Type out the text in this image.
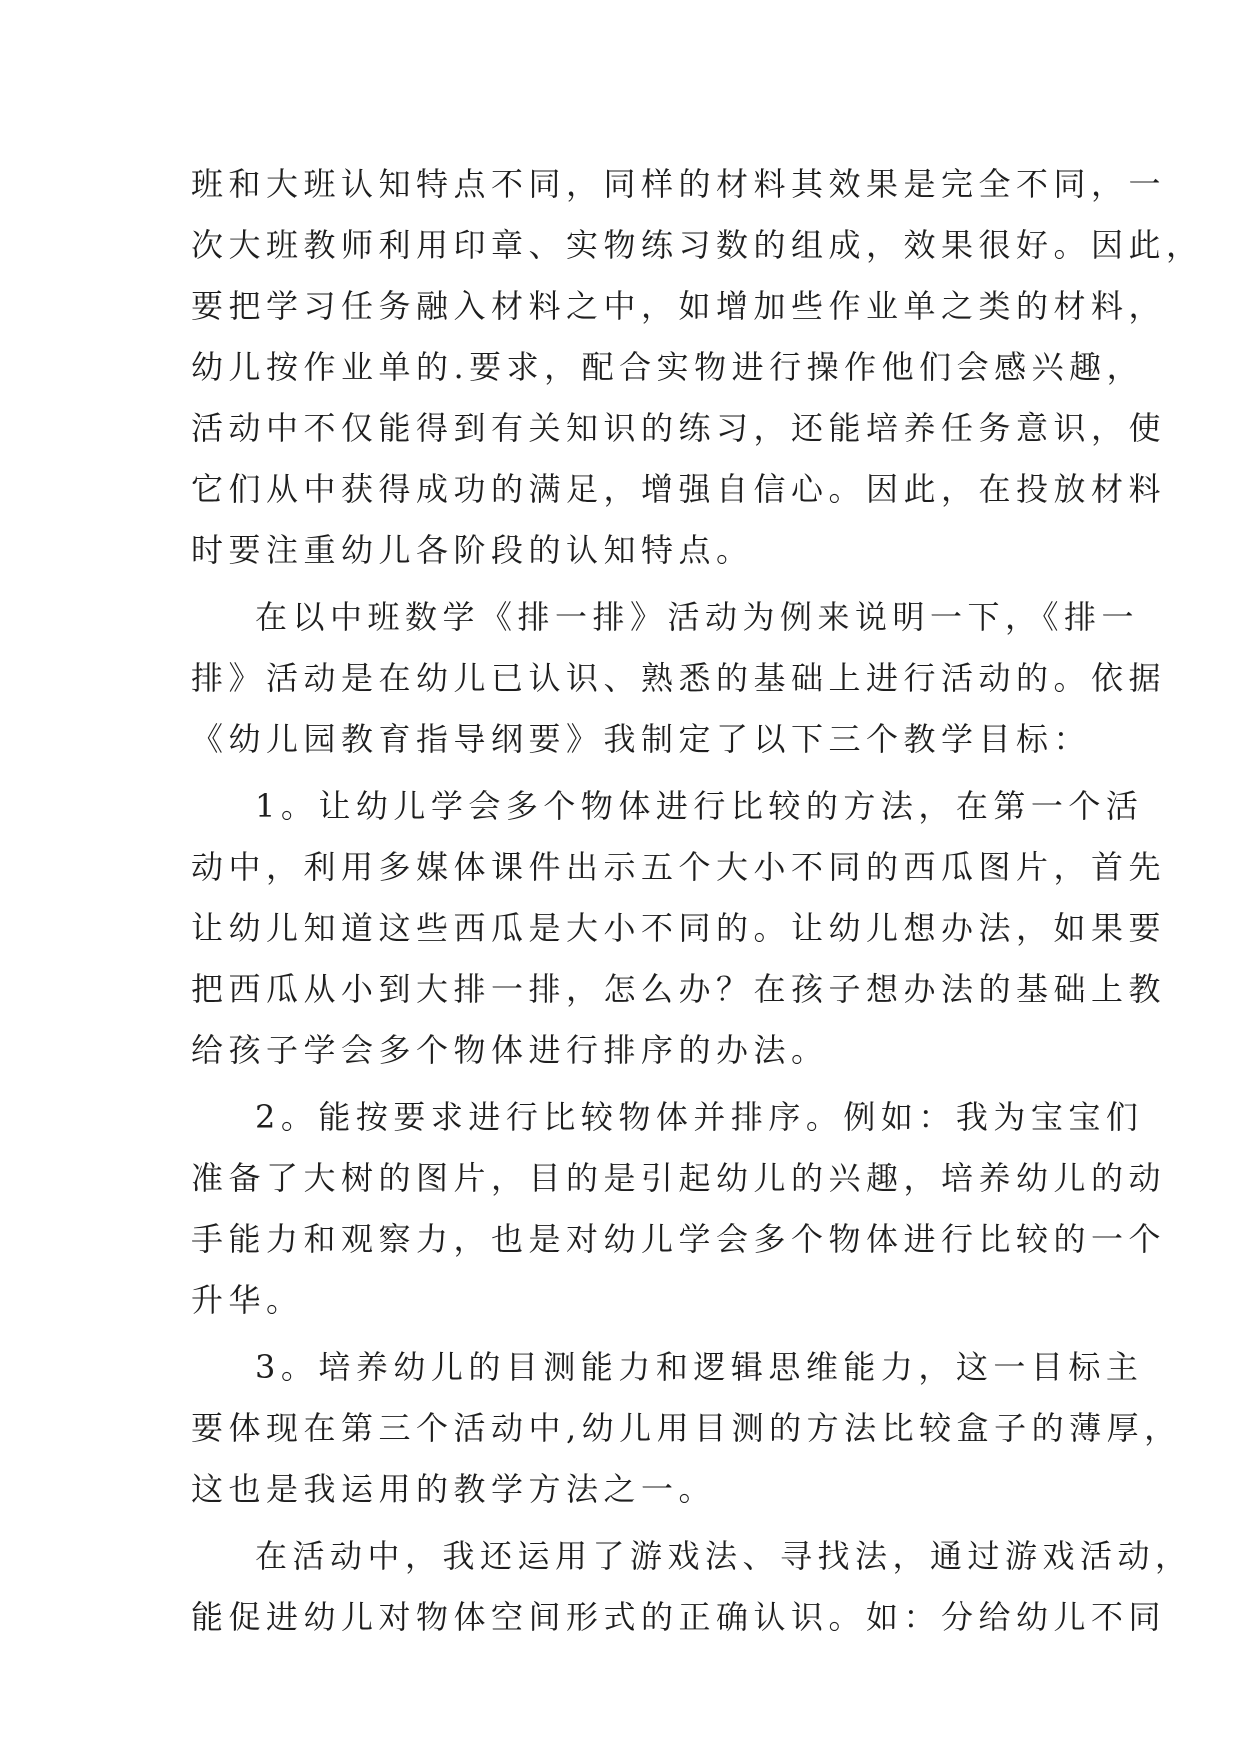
班和大班认知特点不同，同样的材料其效果是完全不同，一
次大班教师利用印章、实物练习数的组成，效果很好。因此，
要把学习任务融入材料之中，如增加些作业单之类的材料，
幼儿按作业单的.要求，配合实物进行操作他们会感兴趣，
活动中不仅能得到有关知识的练习，还能培养任务意识，使
它们从中获得成功的满足，增强自信心。因此，在投放材料
时要注重幼儿各阶段的认知特点。
在以中班数学《排一排》活动为例来说明一下，《排一
排》活动是在幼儿已认识、熟悉的基础上进行活动的。依据
《幼儿园教育指导纲要》我制定了以下三个教学目标：
1。让幼儿学会多个物体进行比较的方法，在第一个活
动中，利用多媒体课件出示五个大小不同的西瓜图片，首先
让幼儿知道这些西瓜是大小不同的。让幼儿想办法，如果要
把西瓜从小到大排一排，怎么办？在孩子想办法的基础上教
给孩子学会多个物体进行排序的办法。
2。能按要求进行比较物体并排序。例如：我为宝宝们
准备了大树的图片，目的是引起幼儿的兴趣，培养幼儿的动
手能力和观察力，也是对幼儿学会多个物体进行比较的一个
升华。
3。培养幼儿的目测能力和逻辑思维能力，这一目标主
要体现在第三个活动中,幼儿用目测的方法比较盒子的薄厚，
这也是我运用的教学方法之一。
在活动中，我还运用了游戏法、寻找法，通过游戏活动，
能促进幼儿对物体空间形式的正确认识。如：分给幼儿不同
